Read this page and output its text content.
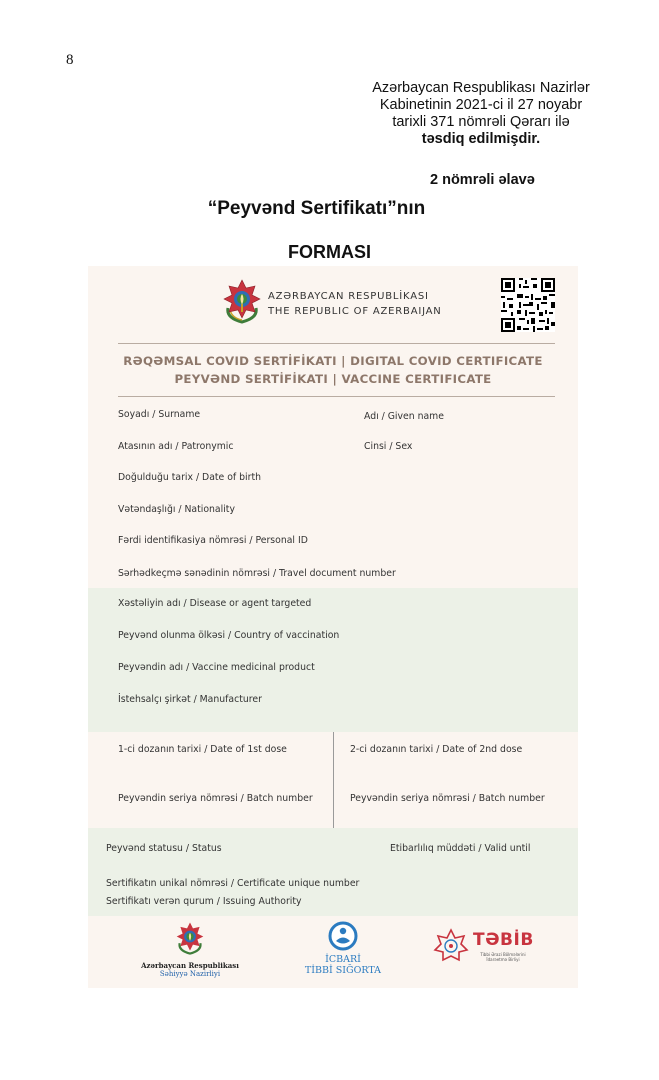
8
Azərbaycan Respublikası Nazirlər
Kabinetinin 2021-ci il 27 noyabr
tarixli 371 nömrəli Qərarı ilə
təsdiq edilmişdir.
2 nömrəli əlavə
“Peyvənd Sertifikatı”nın
FORMASI
AZƏRBAYCAN RESPUBLİKASI
THE REPUBLIC OF AZERBAIJAN
RƏQƏMSAL COVID SERTİFİKATI | DIGITAL COVID CERTIFICATE
PEYVƏND SERTİFİKATI | VACCINE CERTIFICATE
Soyadı / Surname	Adı / Given name
Atasının adı / Patronymic	Cinsi / Sex
Doğulduğu tarix / Date of birth
Vətəndaşlığı / Nationality
Fərdi identifikasiya nömrəsi / Personal ID
Sərhədkeçmə sənədinin nömrəsi / Travel document number
Xəstəliyin adı / Disease or agent targeted
Peyvənd olunma ölkəsi / Country of vaccination
Peyvəndin adı / Vaccine medicinal product
İstehsalçı şirkət / Manufacturer
1-ci dozanın tarixi / Date of 1st dose	2-ci dozanın tarixi / Date of 2nd dose
Peyvəndin seriya nömrəsi / Batch number	Peyvəndin seriya nömrəsi / Batch number
Peyvənd statusu / Status	Etibarlılıq müddəti / Valid until
Sertifikatın unikal nömrəsi / Certificate unique number
Sertifikatı verən qurum / Issuing Authority
Azərbaycan Respublikası
Səhiyyə Nazirliyi
İCBARİ
TİBBİ SIĞORTA
TƏBİB
Tibbi Ərazi Bölmələrini İdarəetmə Birliyi
